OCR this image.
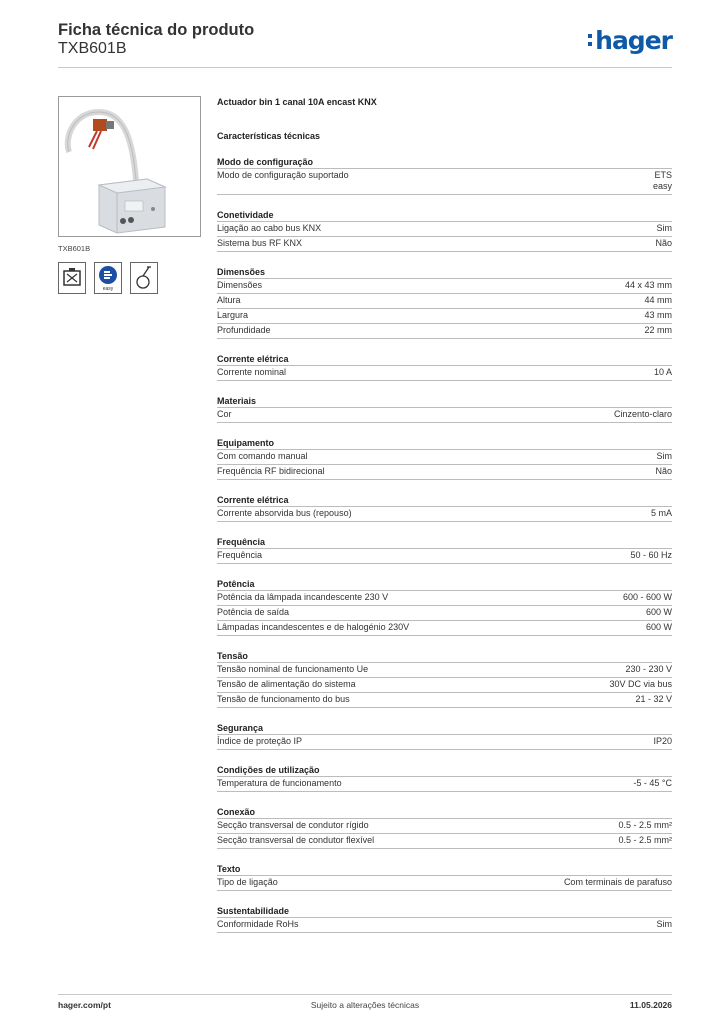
Ficha técnica do produto
TXB601B	hager
TXB601B
easy
Actuador bin 1 canal 10A encast KNX
Características técnicas
Modo de configuração
Modo de configuração suportado	ETS
easy
Conetividade
Ligação ao cabo bus KNX	Sim
Sistema bus RF KNX	Não
Dimensões
Dimensões	44 x 43 mm
Altura	44 mm
Largura	43 mm
Profundidade	22 mm
Corrente elétrica
Corrente nominal	10 A
Materiais
Cor	Cinzento-claro
Equipamento
Com comando manual	Sim
Frequência RF bidirecional	Não
Corrente elétrica
Corrente absorvida bus (repouso)	5 mA
Frequência
Frequência	50 - 60 Hz
Potência
Potência da lâmpada incandescente 230 V	600 - 600 W
Potência de saída	600 W
Lâmpadas incandescentes e de halogénio 230V	600 W
Tensão
Tensão nominal de funcionamento Ue	230 - 230 V
Tensão de alimentação do sistema	30V DC via bus
Tensão de funcionamento do bus	21 - 32 V
Segurança
Índice de proteção IP	IP20
Condições de utilização
Temperatura de funcionamento	-5 - 45 °C
Conexão
Secção transversal de condutor rígido	0.5 - 2.5 mm²
Secção transversal de condutor flexível	0.5 - 2.5 mm²
Texto
Tipo de ligação	Com terminais de parafuso
Sustentabilidade
Conformidade RoHs	Sim
hager.com/pt	Sujeito a alterações técnicas	11.05.2026
